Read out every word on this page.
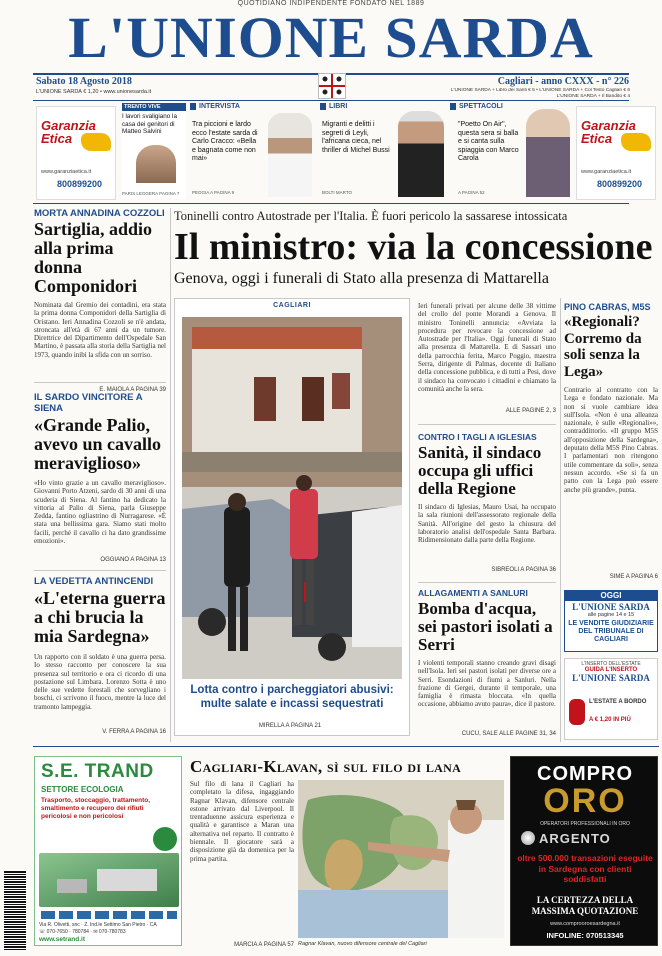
QUOTIDIANO INDIPENDENTE FONDATO NEL 1889
L'UNIONE SARDA
Sabato 18 Agosto 2018	Cagliari - anno CXXX - n° 226
L'UNIONE SARDA € 1,20 • www.unionesarda.it	L'UNIONE SARDA + Libro dei Santi € 5 • L'UNIONE SARDA + Col Testo Cagliari € 6
L'UNIONE SARDA + Il Bandito € 4
Garanzia Etica
www.garanziaetica.it
800899200
TRENTO VIVE
I lavori svaligiano la casa dei genitori di Matteo Salvini
PARIS LEGGERA PAGINA 7
INTERVISTA
Tra piccioni e lardo ecco l'estate sarda di Carlo Cracco: «Bella e bagnata come non mai»
PEGGIA A PAGINA 9
LIBRI
Migranti e delitti i segreti di Leyli, l'africana cieca, nel thriller di Michel Bussi
BOLTI MARTO
SPETTACOLI
"Poetto On Air", questa sera si balla e si canta sulla spiaggia con Marco Carola
A PAGINA 52
Garanzia Etica
www.garanziaetica.it
800899200
MORTA ANNADINA COZZOLI
Sartiglia, addio alla prima donna Componidori
Nominata dal Gremio dei contadini, era stata la prima donna Componidori della Sartiglia di Oristano. Ieri Annadina Cozzoli se n'è andata, stroncata all'età di 67 anni da un tumore. Direttrice del Dipartimento dell'Ospedale San Martino, è passata alla storia della Sartiglia nel 1973, quando inibì la sfida con un sorriso.
E. MAIOLA A PAGINA 39
IL SARDO VINCITORE A SIENA
«Grande Palio, avevo un cavallo meraviglioso»
«Ho vinto grazie a un cavallo meraviglioso». Giovanni Porto Atzeni, sardo di 30 anni di una scuderia di Siena. Al fantino ha dedicato la vittoria al Palio di Siena, parla Giuseppe Zedda, fantino ogliastrino di Nurragarese. «È stata una bellissima gara. Siamo stati molto facili, perché il cavallo ci ha dato grandissime emozioni».
OGGIANO A PAGINA 13
LA VEDETTA ANTINCENDI
«L'eterna guerra a chi brucia la mia Sardegna»
Un rapporto con il soldato è una guerra persa. Io stesso racconto per conoscere la sua presenza sul territorio e ora ci ricordo di una postazione sul Limbara. Lorenzo Sotta è uno delle sue vedette forestali che sorvegliano i boschi, ci scrivono il fuoco, mentre la luce del tramonto lampeggia.
V. FERRA A PAGINA 16
Toninelli contro Autostrade per l'Italia. È fuori pericolo la sassarese intossicata
Il ministro: via la concessione
Genova, oggi i funerali di Stato alla presenza di Mattarella
CAGLIARI
Lotta contro i parcheggiatori abusivi: multe salate e incassi sequestrati
MIRELLA A PAGINA 21
Ieri funerali privati per alcune delle 38 vittime del crollo del ponte Morandi a Genova. Il ministro Toninelli annuncia: «Avviata la procedura per revocare la concessione ad Autostrade per l'Italia». Oggi funerali di Stato alla presenza di Mattarella. E di Sassari uno della parrocchia ferita, Marco Poggio, maestra Serra, dirigente di Palmas, docente di Italiano della concessione pubblica, e di tutti a Pesi, dove il sindaco ha convocato i cittadini e chiamato la comunità anche la sera.
ALLE PAGINE 2, 3
CONTRO I TAGLI A IGLESIAS
Sanità, il sindaco occupa gli uffici della Regione
Il sindaco di Iglesias, Mauro Usai, ha occupato la sala riunioni dell'assessorato regionale della Sanità. All'origine del gesto la chiusura del laboratorio analisi dell'ospedale Santa Barbara. Ridimensionato dalla parte della Regione.
SIBREOLI A PAGINA 36
ALLAGAMENTI A SANLURI
Bomba d'acqua, sei pastori isolati a Serri
I violenti temporali stanno creando gravi disagi nell'Isola. Ieri sei pastori isolati per diverse ore a Serri. Esondazioni di fiumi a Sanluri. Nella frazione di Gergei, durante il temporale, una famiglia è rimasta bloccata. «In quella occasione, abbiamo avuto paura», dice il pastore.
CUCU, SALE ALLE PAGINE 31, 34
PINO CABRAS, M5S
«Regionali? Corremo da soli senza la Lega»
Contrario al contratto con la Lega e fondato nazionale. Ma non si vuole cambiare idea sull'Isola. «Non è una alleanza nazionale, è sulle «Regionali»», contraddittorio. «Il gruppo M5S all'opposizione della Sardegna», deputato della M5S Pino Cabras. I parlamentari non ritengono utile commentare da soli», senza nessun accordo. «Se si fa un patto con la Lega può essere anche più grande», punta.
SIME A PAGINA 6
OGGI
L'UNIONE SARDA
alle pagine 14 e 15
LE VENDITE GIUDIZIARIE DEL TRIBUNALE DI CAGLIARI
L'INSERTO DELL'ESTATE
GUIDA L'INSERTO
L'UNIONE SARDA
L'ESTATE A BORDO
A € 1,20 IN PIÙ
S.E. TRAND
SETTORE ECOLOGIA
Trasporto, stoccaggio, trattamento, smaltimento e recupero dei rifiuti pericolosi e non pericolosi
Via R. Olivetti, snc · Z. Ind.le Settimo San Pietro · CA
☏ 070-7650 · 780784 · ✉ 070-780783
www.setrand.it
Cagliari-Klavan, sì sul filo di lana
Sul filo di lana il Cagliari ha completato la difesa, ingaggiando Ragnar Klavan, difensore centrale estone arrivato dal Liverpool. Il trentaduenne assicura esperienza e qualità e garantisce a Maran una alternativa nel reparto. Il contratto è biennale. Il giocatore sarà a disposizione già da domenica per la prima partita.
MARCIA A PAGINA 57 Ragnar Klavan, nuovo difensore centrale del Cagliari
COMPRO
ORO
OPERATORI PROFESSIONALI IN ORO
ARGENTO
oltre 500.000 transazioni eseguite in Sardegna con clienti soddisfatti
LA CERTEZZA DELLA MASSIMA QUOTAZIONE
www.comprooroesardegna.it
INFOLINE: 070513345
